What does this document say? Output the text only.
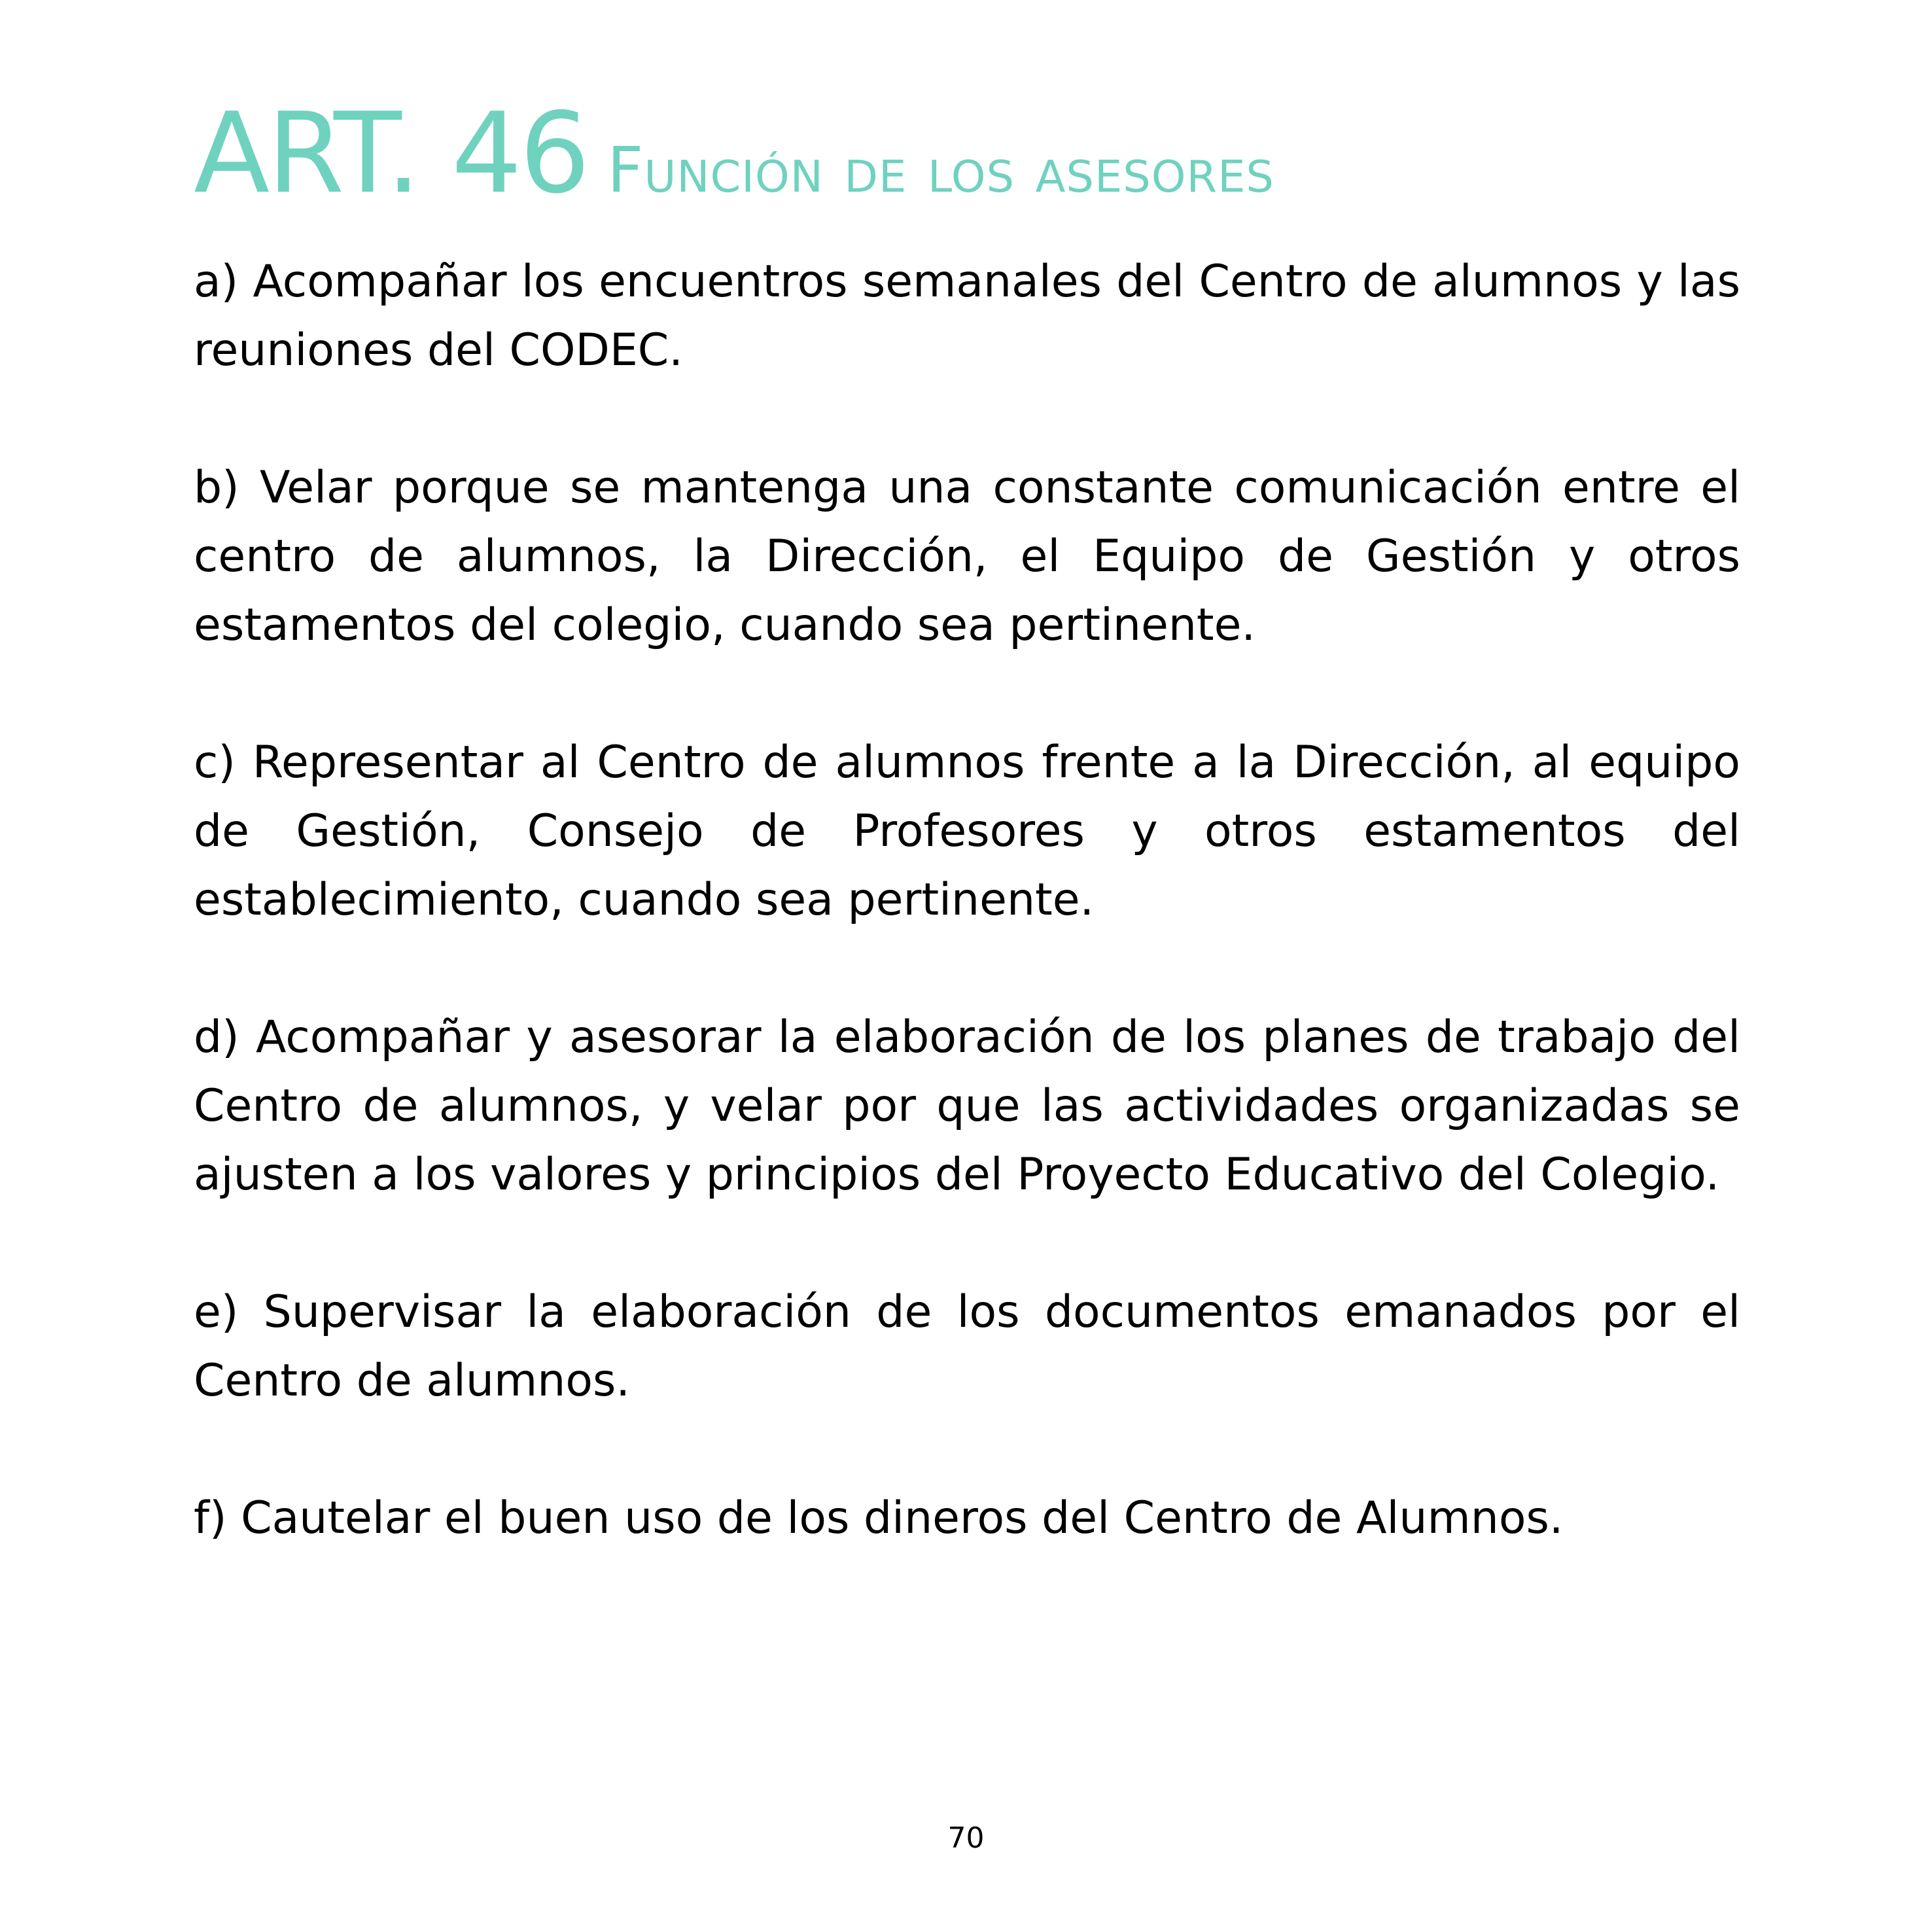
ART. 46 Función de los asesores

a) Acompañar los encuentros semanales del Centro de alumnos y las reuniones del CODEC.

b) Velar porque se mantenga una constante comunicación entre el centro de alumnos, la Dirección, el Equipo de Gestión y otros estamentos del colegio, cuando sea pertinente.

c) Representar al Centro de alumnos frente a la Dirección, al equipo de Gestión, Consejo de Profesores y otros estamentos del establecimiento, cuando sea pertinente.

d) Acompañar y asesorar la elaboración de los planes de trabajo del Centro de alumnos, y velar por que las actividades organizadas se ajusten a los valores y principios del Proyecto Educativo del Colegio.

e) Supervisar la elaboración de los documentos emanados por el Centro de alumnos.

f) Cautelar el buen uso de los dineros del Centro de Alumnos.

70
